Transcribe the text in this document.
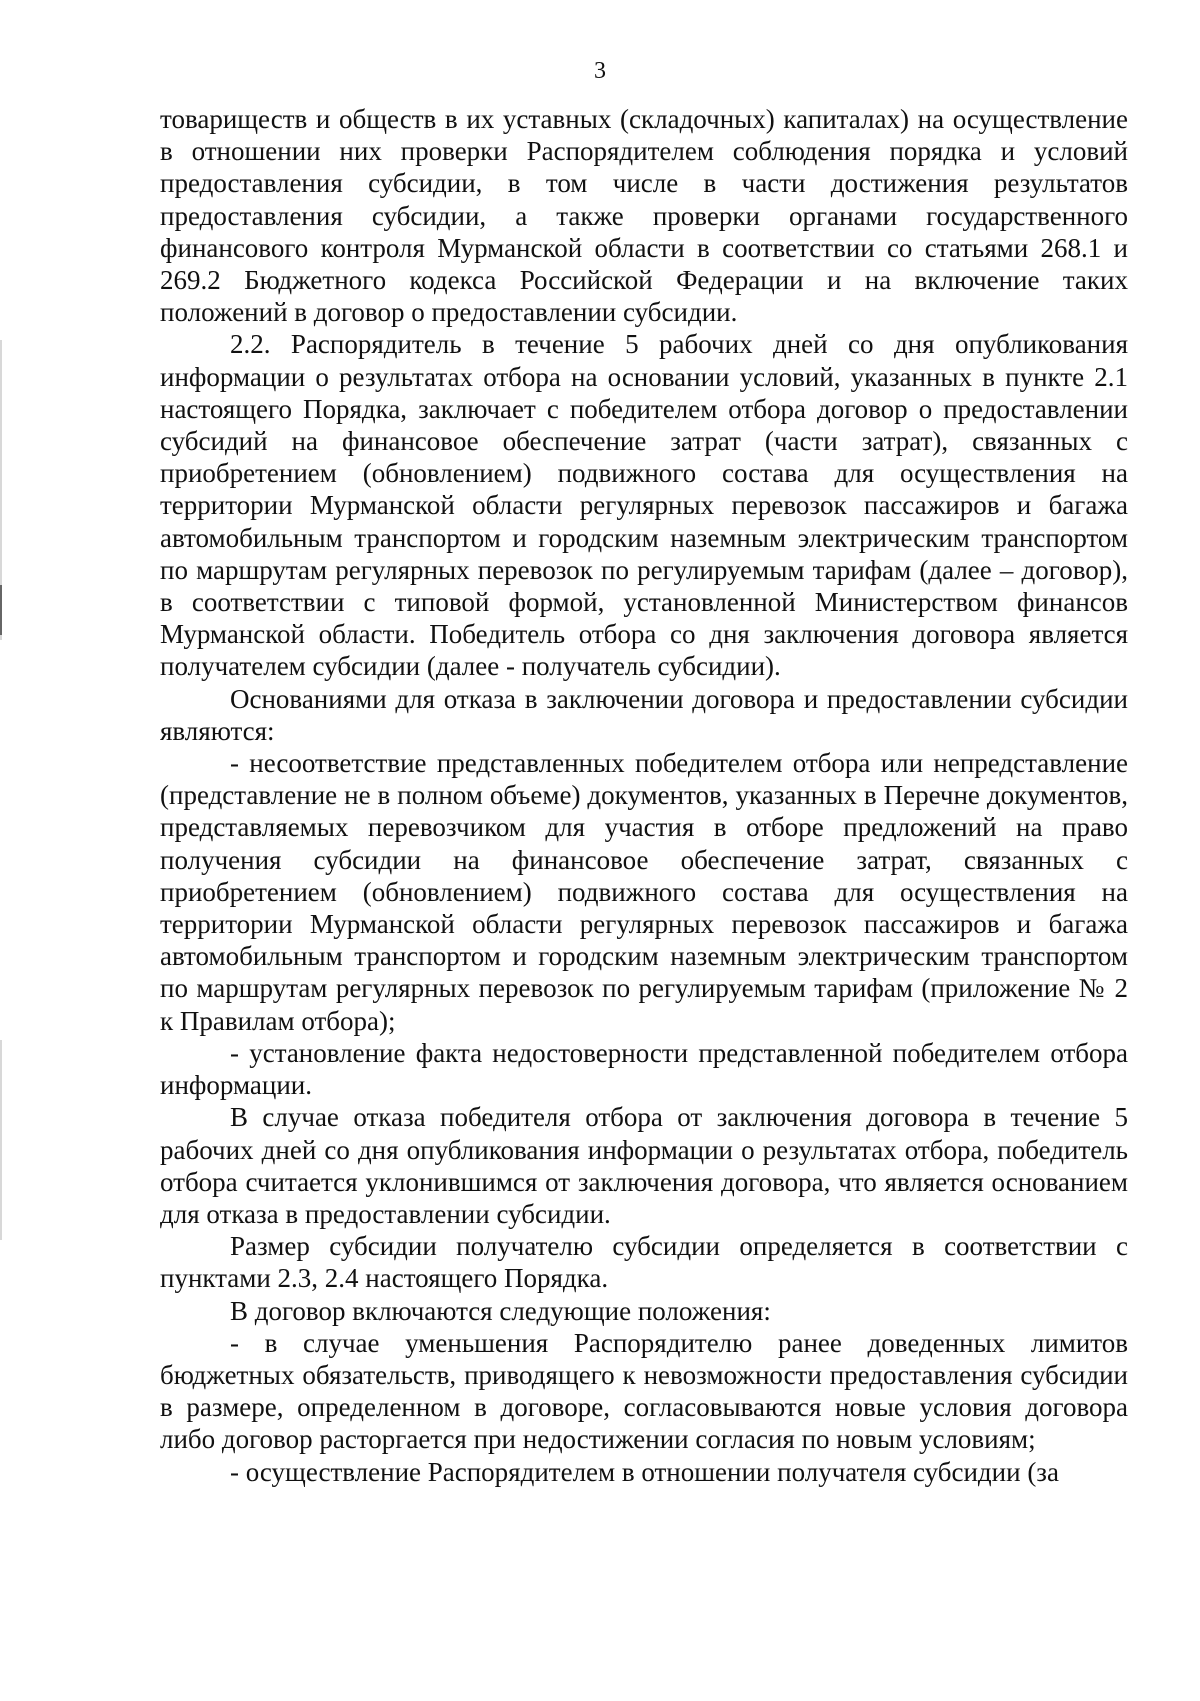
3

товариществ и обществ в их уставных (складочных) капиталах) на осуществление в отношении них проверки Распорядителем соблюдения порядка и условий предоставления субсидии, в том числе в части достижения результатов предоставления субсидии, а также проверки органами государственного финансового контроля Мурманской области в соответствии со статьями 268.1 и 269.2 Бюджетного кодекса Российской Федерации и на включение таких положений в договор о предоставлении субсидии.

2.2. Распорядитель в течение 5 рабочих дней со дня опубликования информации о результатах отбора на основании условий, указанных в пункте 2.1 настоящего Порядка, заключает с победителем отбора договор о предоставлении субсидий на финансовое обеспечение затрат (части затрат), связанных с приобретением (обновлением) подвижного состава для осуществления на территории Мурманской области регулярных перевозок пассажиров и багажа автомобильным транспортом и городским наземным электрическим транспортом по маршрутам регулярных перевозок по регулируемым тарифам (далее – договор), в соответствии с типовой формой, установленной Министерством финансов Мурманской области. Победитель отбора со дня заключения договора является получателем субсидии (далее - получатель субсидии).

Основаниями для отказа в заключении договора и предоставлении субсидии являются:

- несоответствие представленных победителем отбора или непредставление (представление не в полном объеме) документов, указанных в Перечне документов, представляемых перевозчиком для участия в отборе предложений на право получения субсидии на финансовое обеспечение затрат, связанных с приобретением (обновлением) подвижного состава для осуществления на территории Мурманской области регулярных перевозок пассажиров и багажа автомобильным транспортом и городским наземным электрическим транспортом по маршрутам регулярных перевозок по регулируемым тарифам (приложение № 2 к Правилам отбора);

- установление факта недостоверности представленной победителем отбора информации.

В случае отказа победителя отбора от заключения договора в течение 5 рабочих дней со дня опубликования информации о результатах отбора, победитель отбора считается уклонившимся от заключения договора, что является основанием для отказа в предоставлении субсидии.

Размер субсидии получателю субсидии определяется в соответствии с пунктами 2.3, 2.4 настоящего Порядка.

В договор включаются следующие положения:

- в случае уменьшения Распорядителю ранее доведенных лимитов бюджетных обязательств, приводящего к невозможности предоставления субсидии в размере, определенном в договоре, согласовываются новые условия договора либо договор расторгается при недостижении согласия по новым условиям;

- осуществление Распорядителем в отношении получателя субсидии (за
